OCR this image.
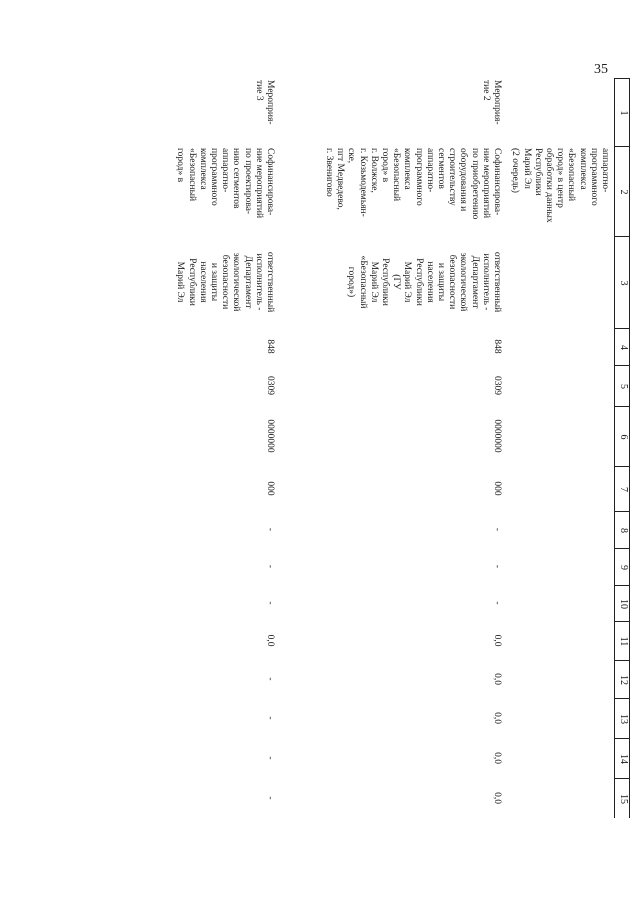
35
1
2
3
4
5
6
7
8
9
10
11
12
13
14
15
аппаратно-
программного
комплекса
«Безопасный
город» в центр
обработки данных
Республики
Марий Эл
(2 очередь)
Мероприя-
тие 2
Софинансирова-
ние мероприятий
по приобретению
оборудования и
строительству
сегментов
аппаратно-
программного
комплекса
«Безопасный
город» в
г. Волжске,
г. Козьмодемьян-
ске,
пгт Медведево,
г. Звенигово
ответственный
исполнитель -
Департамент
экологической
безопасности
и защиты
населения
Республики
Марий Эл
(ГУ
Республики
Марий Эл
«Безопасный
город»)
848
0309
0000000
000
-
-
-
0,0
0,0
0,0
0,0
0,0
Мероприя-
тие 3
Софинансирова-
ние мероприятий
по проектирова-
нию сегментов
аппаратно-
программного
комплекса
«Безопасный
город» в
ответственный
исполнитель -
Департамент
экологической
безопасности
и защиты
населения
Республики
Марий Эл
848
0309
0000000
000
-
-
-
0,0
-
-
-
-
